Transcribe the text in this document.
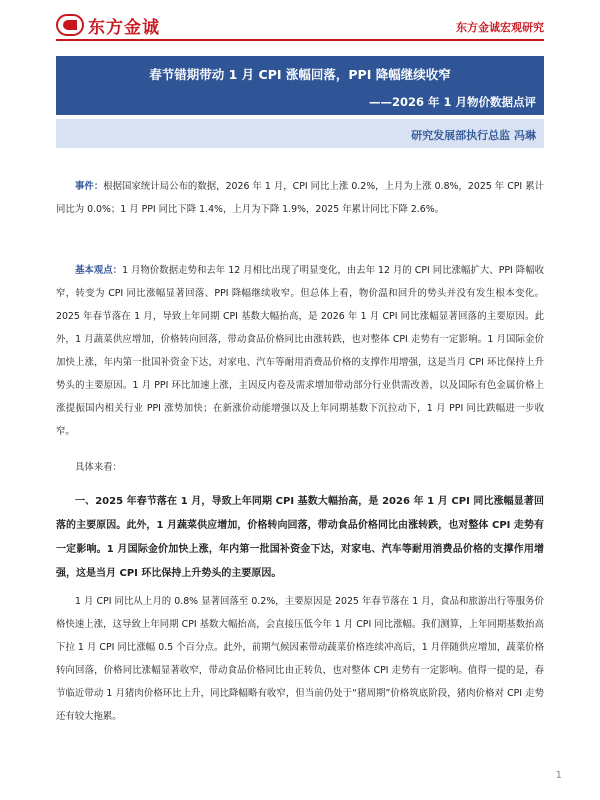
东方金诚	东方金诚宏观研究
春节错期带动 1 月 CPI 涨幅回落，PPI 降幅继续收窄
——2026 年 1 月物价数据点评
研究发展部执行总监 冯琳
事件：根据国家统计局公布的数据，2026 年 1 月，CPI 同比上涨 0.2%，上月为上涨 0.8%，2025 年 CPI 累计同比为 0.0%；1 月 PPI 同比下降 1.4%，上月为下降 1.9%，2025 年累计同比下降 2.6%。
基本观点：1 月物价数据走势和去年 12 月相比出现了明显变化，由去年 12 月的 CPI 同比涨幅扩大、PPI 降幅收窄，转变为 CPI 同比涨幅显著回落、PPI 降幅继续收窄。但总体上看，物价温和回升的势头并没有发生根本变化。2025 年春节落在 1 月，导致上年同期 CPI 基数大幅抬高，是 2026 年 1 月 CPI 同比涨幅显著回落的主要原因。此外，1 月蔬菜供应增加，价格转向回落，带动食品价格同比由涨转跌，也对整体 CPI 走势有一定影响。1 月国际金价加快上涨，年内第一批国补资金下达，对家电、汽车等耐用消费品价格的支撑作用增强，这是当月 CPI 环比保持上升势头的主要原因。1 月 PPI 环比加速上涨，主因反内卷及需求增加带动部分行业供需改善，以及国际有色金属价格上涨提振国内相关行业 PPI 涨势加快；在新涨价动能增强以及上年同期基数下沉拉动下，1 月 PPI 同比跌幅进一步收窄。
具体来看：
一、2025 年春节落在 1 月，导致上年同期 CPI 基数大幅抬高，是 2026 年 1 月 CPI 同比涨幅显著回落的主要原因。此外，1 月蔬菜供应增加，价格转向回落，带动食品价格同比由涨转跌，也对整体 CPI 走势有一定影响。1 月国际金价加快上涨，年内第一批国补资金下达，对家电、汽车等耐用消费品价格的支撑作用增强，这是当月 CPI 环比保持上升势头的主要原因。
1 月 CPI 同比从上月的 0.8% 显著回落至 0.2%，主要原因是 2025 年春节落在 1 月，食品和旅游出行等服务价格快速上涨，这导致上年同期 CPI 基数大幅抬高，会直接压低今年 1 月 CPI 同比涨幅。我们测算，上年同期基数抬高下拉 1 月 CPI 同比涨幅 0.5 个百分点。此外，前期气候因素带动蔬菜价格连续冲高后，1 月伴随供应增加，蔬菜价格转向回落，价格同比涨幅显著收窄，带动食品价格同比由正转负，也对整体 CPI 走势有一定影响。值得一提的是，春节临近带动 1 月猪肉价格环比上升，同比降幅略有收窄，但当前仍处于“猪周期”价格筑底阶段，猪肉价格对 CPI 走势还有较大拖累。
1
